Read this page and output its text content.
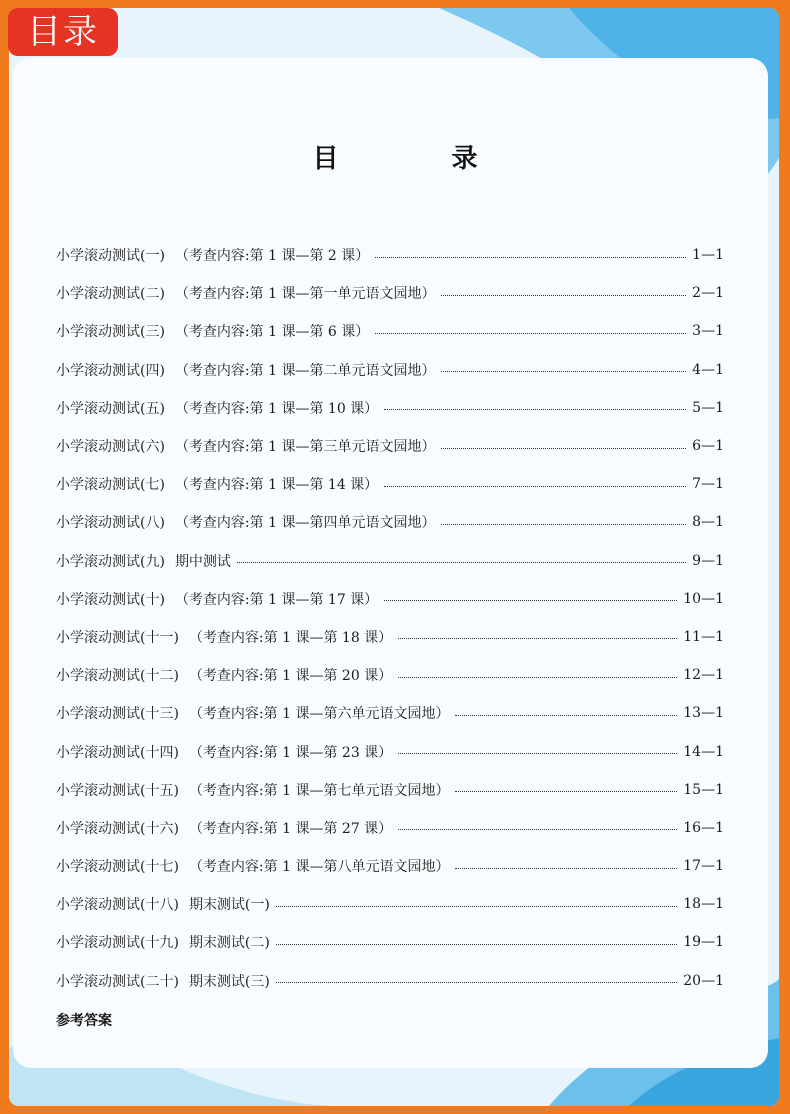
目录
目 录
小学滚动测试(一) （考查内容:第 1 课—第 2 课）	1—1
小学滚动测试(二) （考查内容:第 1 课—第一单元语文园地）	2—1
小学滚动测试(三) （考查内容:第 1 课—第 6 课）	3—1
小学滚动测试(四) （考查内容:第 1 课—第二单元语文园地）	4—1
小学滚动测试(五) （考查内容:第 1 课—第 10 课）	5—1
小学滚动测试(六) （考查内容:第 1 课—第三单元语文园地）	6—1
小学滚动测试(七) （考查内容:第 1 课—第 14 课）	7—1
小学滚动测试(八) （考查内容:第 1 课—第四单元语文园地）	8—1
小学滚动测试(九) 期中测试	9—1
小学滚动测试(十) （考查内容:第 1 课—第 17 课）	10—1
小学滚动测试(十一) （考查内容:第 1 课—第 18 课）	11—1
小学滚动测试(十二) （考查内容:第 1 课—第 20 课）	12—1
小学滚动测试(十三) （考查内容:第 1 课—第六单元语文园地）	13—1
小学滚动测试(十四) （考查内容:第 1 课—第 23 课）	14—1
小学滚动测试(十五) （考查内容:第 1 课—第七单元语文园地）	15—1
小学滚动测试(十六) （考查内容:第 1 课—第 27 课）	16—1
小学滚动测试(十七) （考查内容:第 1 课—第八单元语文园地）	17—1
小学滚动测试(十八) 期末测试(一)	18—1
小学滚动测试(十九) 期末测试(二)	19—1
小学滚动测试(二十) 期末测试(三)	20—1
参考答案
